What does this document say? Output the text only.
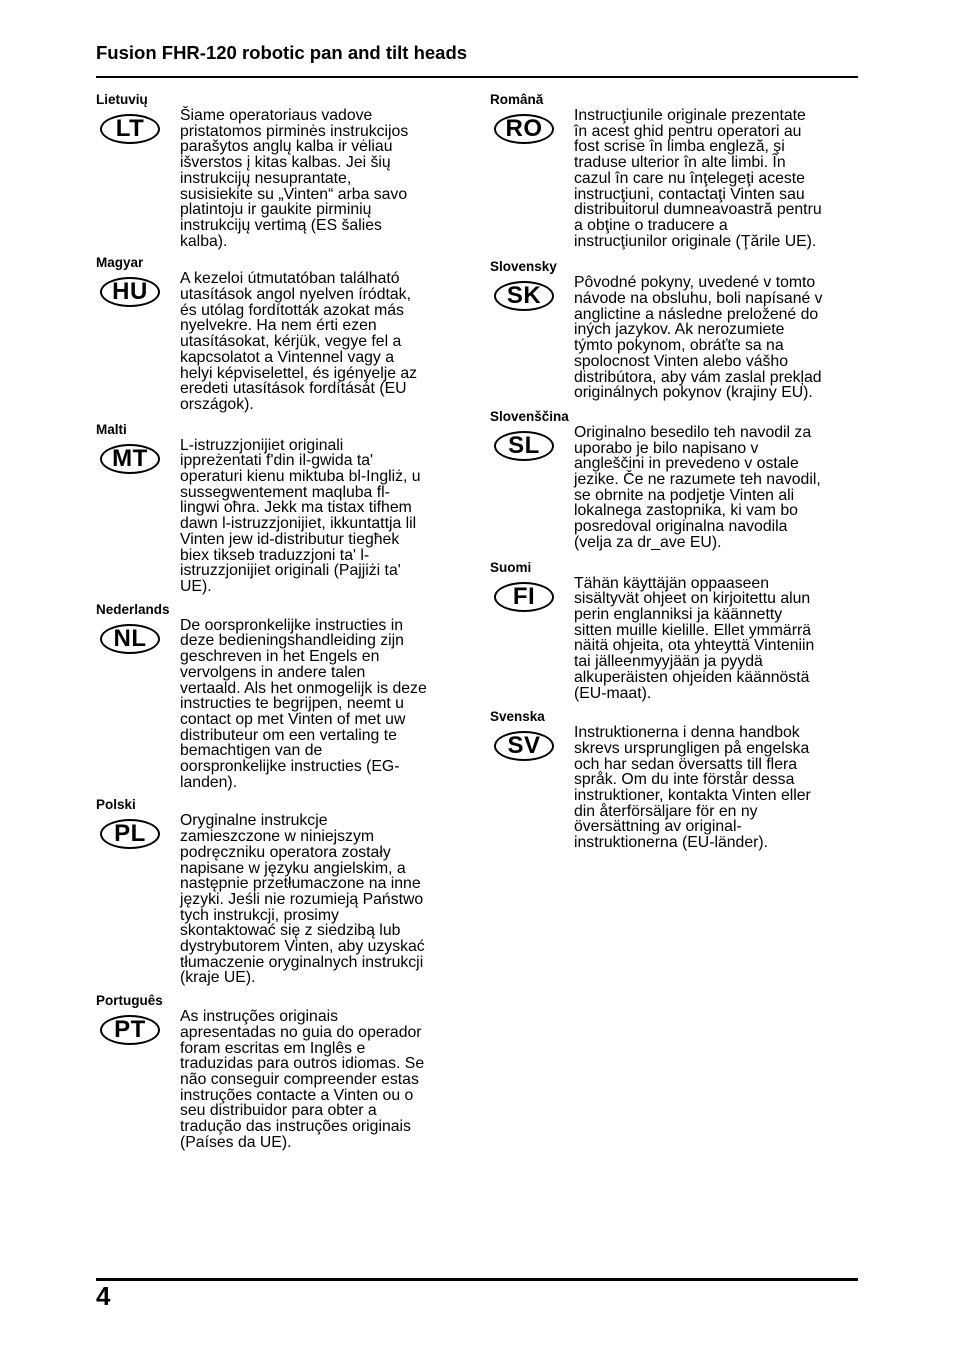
Fusion FHR-120 robotic pan and tilt heads
Lietuvių
LT	Šiame operatoriaus vadove
pristatomos pirminės instrukcijos
parašytos anglų kalba ir vėliau
išverstos į kitas kalbas. Jei šių
instrukcijų nesuprantate,
susisiekite su „Vinten“ arba savo
platintoju ir gaukite pirminių
instrukcijų vertimą (ES šalies
kalba).
Magyar
HU	A kezeloi útmutatóban található
utasítások angol nyelven íródtak,
és utólag fordították azokat más
nyelvekre. Ha nem érti ezen
utasításokat, kérjük, vegye fel a
kapcsolatot a Vintennel vagy a
helyi képviselettel, és igényelje az
eredeti utasítások fordítását (EU
országok).
Malti
MT	L-istruzzjonijiet originali
ippreżentati f'din il-gwida ta'
operaturi kienu miktuba bl-Ingliż, u
sussegwentement maqluba fl-
lingwi oħra. Jekk ma tistax tifhem
dawn l-istruzzjonijiet, ikkuntattja lil
Vinten jew id-distributur tiegħek
biex tikseb traduzzjoni ta' l-
istruzzjonijiet originali (Pajjiżi ta'
UE).
Nederlands
NL	De oorspronkelijke instructies in
deze bedieningshandleiding zijn
geschreven in het Engels en
vervolgens in andere talen
vertaald. Als het onmogelijk is deze
instructies te begrijpen, neemt u
contact op met Vinten of met uw
distributeur om een vertaling te
bemachtigen van de
oorspronkelijke instructies (EG-
landen).
Polski
PL	Oryginalne instrukcje
zamieszczone w niniejszym
podręczniku operatora zostały
napisane w języku angielskim, a
następnie przetłumaczone na inne
języki. Jeśli nie rozumieją Państwo
tych instrukcji, prosimy
skontaktować się z siedzibą lub
dystrybutorem Vinten, aby uzyskać
tłumaczenie oryginalnych instrukcji
(kraje UE).
Português
PT	As instruções originais
apresentadas no guia do operador
foram escritas em Inglês e
traduzidas para outros idiomas. Se
não conseguir compreender estas
instruções contacte a Vinten ou o
seu distribuidor para obter a
tradução das instruções originais
(Países da UE).
Română
RO	Instrucţiunile originale prezentate
în acest ghid pentru operatori au
fost scrise în limba engleză, şi
traduse ulterior în alte limbi. În
cazul în care nu înţelegeţi aceste
instrucţiuni, contactaţi Vinten sau
distribuitorul dumneavoastră pentru
a obţine o traducere a
instrucţiunilor originale (Ţările UE).
Slovensky
SK	Pôvodné pokyny, uvedené v tomto
návode na obsluhu, boli napísané v
anglictine a následne preložené do
iných jazykov. Ak nerozumiete
týmto pokynom, obráťte sa na
spolocnost Vinten alebo vášho
distribútora, aby vám zaslal prekļad
originálnych pokynov (krajiny EU).
Slovenščina
SL	Originalno besedilo teh navodil za
uporabo je bilo napisano v
angleščini in prevedeno v ostale
jezike. Če ne razumete teh navodil,
se obrnite na podjetje Vinten ali
lokalnega zastopnika, ki vam bo
posredoval originalna navodila
(velja za dr_ave EU).
Suomi
FI	Tähän käyttäjän oppaaseen
sisältyvät ohjeet on kirjoitettu alun
perin englanniksi ja käännetty
sitten muille kielille. Ellet ymmärrä
näitä ohjeita, ota yhteyttä Vinteniin
tai jälleenmyyjään ja pyydä
alkuperäisten ohjeiden käännöstä
(EU-maat).
Svenska
SV	Instruktionerna i denna handbok
skrevs ursprungligen på engelska
och har sedan översatts till flera
språk. Om du inte förstår dessa
instruktioner, kontakta Vinten eller
din återförsäljare för en ny
översättning av original-
instruktionerna (EU-länder).
4
